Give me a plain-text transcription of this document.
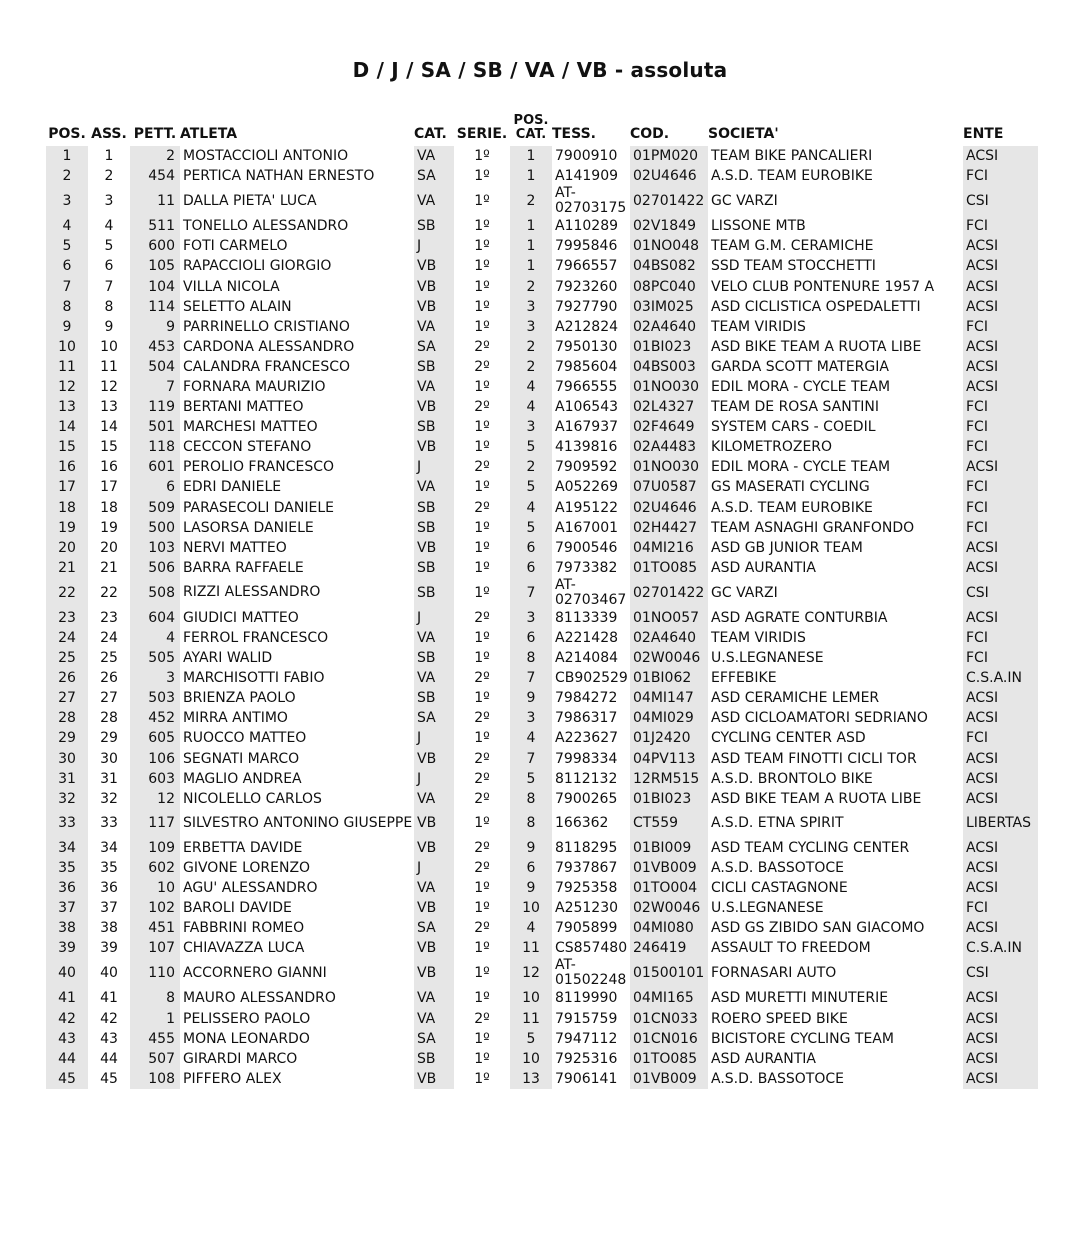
D / J / SA / SB / VA / VB - assoluta
POS.	ASS.	PETT.	ATLETA	CAT.	SERIE.	POS.
CAT.	TESS.	COD.	SOCIETA'	ENTE
1	1	2	MOSTACCIOLI ANTONIO	VA	1º	1	7900910	01PM020	TEAM BIKE PANCALIERI	ACSI
2	2	454	PERTICA NATHAN ERNESTO	SA	1º	1	A141909	02U4646	A.S.D. TEAM EUROBIKE	FCI
3	3	11	DALLA PIETA' LUCA	VA	1º	2	AT-02703175	02701422	GC VARZI	CSI
4	4	511	TONELLO ALESSANDRO	SB	1º	1	A110289	02V1849	LISSONE MTB	FCI
5	5	600	FOTI CARMELO	J	1º	1	7995846	01NO048	TEAM G.M. CERAMICHE	ACSI
6	6	105	RAPACCIOLI GIORGIO	VB	1º	1	7966557	04BS082	SSD TEAM STOCCHETTI	ACSI
7	7	104	VILLA NICOLA	VB	1º	2	7923260	08PC040	VELO CLUB PONTENURE 1957 A	ACSI
8	8	114	SELETTO ALAIN	VB	1º	3	7927790	03IM025	ASD CICLISTICA OSPEDALETTI	ACSI
9	9	9	PARRINELLO CRISTIANO	VA	1º	3	A212824	02A4640	TEAM VIRIDIS	FCI
10	10	453	CARDONA ALESSANDRO	SA	2º	2	7950130	01BI023	ASD BIKE TEAM A RUOTA LIBE	ACSI
11	11	504	CALANDRA FRANCESCO	SB	2º	2	7985604	04BS003	GARDA SCOTT MATERGIA	ACSI
12	12	7	FORNARA MAURIZIO	VA	1º	4	7966555	01NO030	EDIL MORA - CYCLE TEAM	ACSI
13	13	119	BERTANI MATTEO	VB	2º	4	A106543	02L4327	TEAM DE ROSA SANTINI	FCI
14	14	501	MARCHESI MATTEO	SB	1º	3	A167937	02F4649	SYSTEM CARS - COEDIL	FCI
15	15	118	CECCON STEFANO	VB	1º	5	4139816	02A4483	KILOMETROZERO	FCI
16	16	601	PEROLIO FRANCESCO	J	2º	2	7909592	01NO030	EDIL MORA - CYCLE TEAM	ACSI
17	17	6	EDRI DANIELE	VA	1º	5	A052269	07U0587	GS MASERATI CYCLING	FCI
18	18	509	PARASECOLI DANIELE	SB	2º	4	A195122	02U4646	A.S.D. TEAM EUROBIKE	FCI
19	19	500	LASORSA DANIELE	SB	1º	5	A167001	02H4427	TEAM ASNAGHI GRANFONDO	FCI
20	20	103	NERVI MATTEO	VB	1º	6	7900546	04MI216	ASD GB JUNIOR TEAM	ACSI
21	21	506	BARRA RAFFAELE	SB	1º	6	7973382	01TO085	ASD AURANTIA	ACSI
22	22	508	RIZZI ALESSANDRO	SB	1º	7	AT-02703467	02701422	GC VARZI	CSI
23	23	604	GIUDICI MATTEO	J	2º	3	8113339	01NO057	ASD AGRATE CONTURBIA	ACSI
24	24	4	FERROL FRANCESCO	VA	1º	6	A221428	02A4640	TEAM VIRIDIS	FCI
25	25	505	AYARI WALID	SB	1º	8	A214084	02W0046	U.S.LEGNANESE	FCI
26	26	3	MARCHISOTTI FABIO	VA	2º	7	CB902529	01BI062	EFFEBIKE	C.S.A.IN
27	27	503	BRIENZA PAOLO	SB	1º	9	7984272	04MI147	ASD CERAMICHE LEMER	ACSI
28	28	452	MIRRA ANTIMO	SA	2º	3	7986317	04MI029	ASD CICLOAMATORI SEDRIANO	ACSI
29	29	605	RUOCCO MATTEO	J	1º	4	A223627	01J2420	CYCLING CENTER ASD	FCI
30	30	106	SEGNATI MARCO	VB	2º	7	7998334	04PV113	ASD TEAM FINOTTI CICLI TOR	ACSI
31	31	603	MAGLIO ANDREA	J	2º	5	8112132	12RM515	A.S.D. BRONTOLO BIKE	ACSI
32	32	12	NICOLELLO CARLOS	VA	2º	8	7900265	01BI023	ASD BIKE TEAM A RUOTA LIBE	ACSI
33	33	117	SILVESTRO ANTONINO GIUSEPPE	VB	1º	8	166362	CT559	A.S.D. ETNA SPIRIT	LIBERTAS
34	34	109	ERBETTA DAVIDE	VB	2º	9	8118295	01BI009	ASD TEAM CYCLING CENTER	ACSI
35	35	602	GIVONE LORENZO	J	2º	6	7937867	01VB009	A.S.D. BASSOTOCE	ACSI
36	36	10	AGU' ALESSANDRO	VA	1º	9	7925358	01TO004	CICLI CASTAGNONE	ACSI
37	37	102	BAROLI DAVIDE	VB	1º	10	A251230	02W0046	U.S.LEGNANESE	FCI
38	38	451	FABBRINI ROMEO	SA	2º	4	7905899	04MI080	ASD GS ZIBIDO SAN GIACOMO	ACSI
39	39	107	CHIAVAZZA LUCA	VB	1º	11	CS857480	246419	ASSAULT TO FREEDOM	C.S.A.IN
40	40	110	ACCORNERO GIANNI	VB	1º	12	AT-01502248	01500101	FORNASARI AUTO	CSI
41	41	8	MAURO ALESSANDRO	VA	1º	10	8119990	04MI165	ASD MURETTI MINUTERIE	ACSI
42	42	1	PELISSERO PAOLO	VA	2º	11	7915759	01CN033	ROERO SPEED BIKE	ACSI
43	43	455	MONA LEONARDO	SA	1º	5	7947112	01CN016	BICISTORE CYCLING TEAM	ACSI
44	44	507	GIRARDI MARCO	SB	1º	10	7925316	01TO085	ASD AURANTIA	ACSI
45	45	108	PIFFERO ALEX	VB	1º	13	7906141	01VB009	A.S.D. BASSOTOCE	ACSI
